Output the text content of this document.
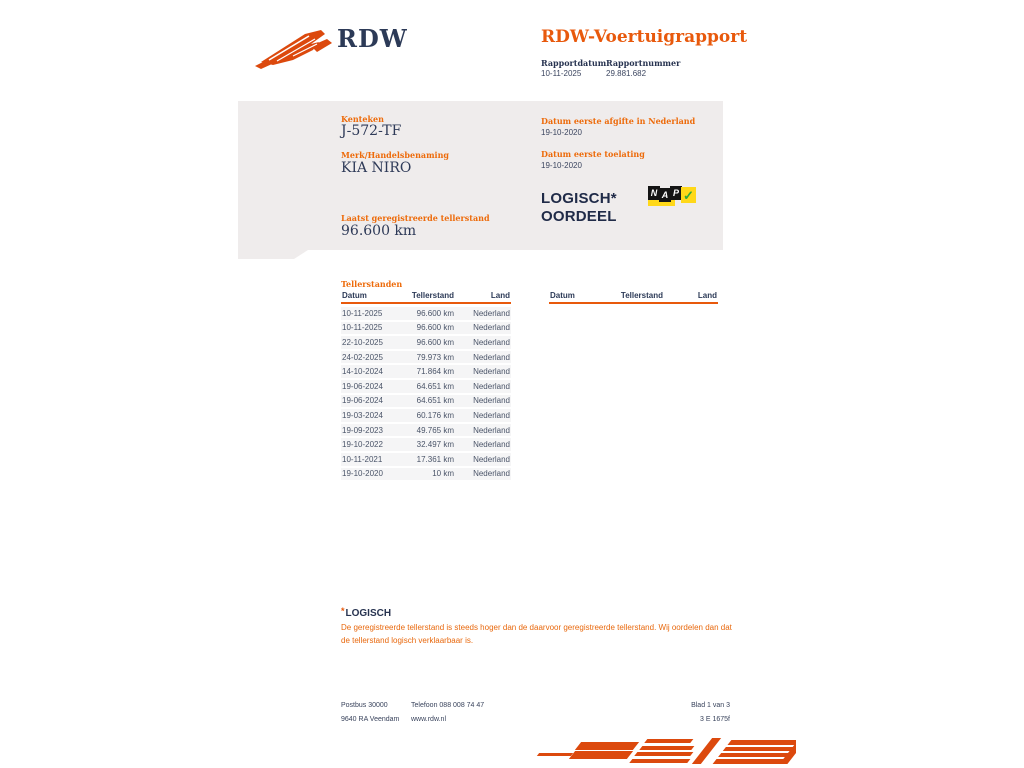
RDW	RDW-Voertuigrapport
Rapportdatum Rapportnummer
10-11-2025	29.881.682
Kenteken
J-572-TF
Merk/Handelsbenaming
KIA NIRO
Laatst geregistreerde tellerstand
96.600 km
Datum eerste afgifte in Nederland
19-10-2020
Datum eerste toelating
19-10-2020
LOGISCH*
OORDEEL
N A P ✓
Tellerstanden
Datum	Tellerstand	Land
10-11-2025	96.600 km	Nederland
10-11-2025	96.600 km	Nederland
22-10-2025	96.600 km	Nederland
24-02-2025	79.973 km	Nederland
14-10-2024	71.864 km	Nederland
19-06-2024	64.651 km	Nederland
19-06-2024	64.651 km	Nederland
19-03-2024	60.176 km	Nederland
19-09-2023	49.765 km	Nederland
19-10-2022	32.497 km	Nederland
10-11-2021	17.361 km	Nederland
19-10-2020	10 km	Nederland
Datum	Tellerstand	Land
*LOGISCH
De geregistreerde tellerstand is steeds hoger dan de daarvoor geregistreerde tellerstand. Wij oordelen dan dat de tellerstand logisch verklaarbaar is.
Postbus 30000
9640 RA Veendam
Telefoon 088 008 74 47
www.rdw.nl
Blad 1 van 3
3 E 1675f
